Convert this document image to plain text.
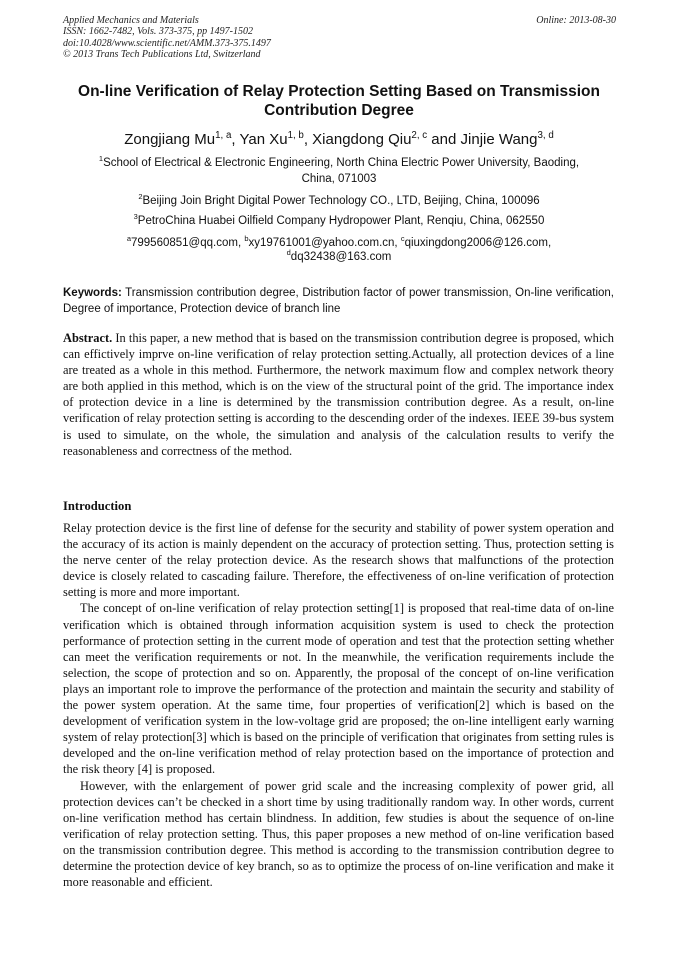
Applied Mechanics and Materials
ISSN: 1662-7482, Vols. 373-375, pp 1497-1502
doi:10.4028/www.scientific.net/AMM.373-375.1497
© 2013 Trans Tech Publications Ltd, Switzerland
Online: 2013-08-30
On-line Verification of Relay Protection Setting Based on Transmission
Contribution Degree
Zongjiang Mu$^{1, a}$, Yan Xu$^{1, b}$, Xiangdong Qiu$^{2, c}$ and Jinjie Wang$^{3, d}$
$^1$School of Electrical & Electronic Engineering, North China Electric Power University, Baoding,
China, 071003
$^2$Beijing Join Bright Digital Power Technology CO., LTD, Beijing, China, 100096
$^3$PetroChina Huabei Oilfield Company Hydropower Plant, Renqiu, China, 062550
$^a$799560851@qq.com, $^b$xy19761001@yahoo.com.cn, $^c$qiuxingdong2006@126.com,
$^d$dq32438@163.com
Keywords: Transmission contribution degree, Distribution factor of power transmission, On-line verification, Degree of importance, Protection device of branch line
Abstract. In this paper, a new method that is based on the transmission contribution degree is proposed, which can effictively imprve on-line verification of relay protection setting.Actually, all protection devices of a line are treated as a whole in this method. Furthermore, the network maximum flow and complex network theory are both applied in this method, which is on the view of the structural point of the grid. The importance index of protection device in a line is determined by the transmission contribution degree. As a result, on-line verification of relay protection setting is according to the descending order of the indexes. IEEE 39-bus system is used to simulate, on the whole, the simulation and analysis of the calculation results to verify the reasonableness and correctness of the method.
Introduction

Relay protection device is the first line of defense for the security and stability of power system operation and the accuracy of its action is mainly dependent on the accuracy of protection setting. Thus, protection setting is the nerve center of the relay protection device. As the research shows that malfunctions of the protection device is closely related to cascading failure. Therefore, the effectiveness of on-line verification of protection setting is more and more important.

The concept of on-line verification of relay protection setting[1] is proposed that real-time data of on-line verification which is obtained through information acquisition system is used to check the protection performance of protection setting in the current mode of operation and test that the protection setting whether can meet the verification requirements or not. In the meanwhile, the verification requirements include the selection, the scope of protection and so on. Apparently, the proposal of the concept of on-line verification plays an important role to improve the performance of the protection and maintain the security and stability of the power system operation. At the same time, four properties of verification[2] which is based on the development of verification system in the low-voltage grid are proposed; the on-line intelligent early warning system of relay protection[3] which is based on the principle of verification that originates from setting rules is developed and the on-line verification method of relay protection based on the importance of protection and the risk theory [4] is proposed.

However, with the enlargement of power grid scale and the increasing complexity of power grid, all protection devices can’t be checked in a short time by using traditionally random way. In other words, current on-line verification method has certain blindness. In addition, few studies is about the sequence of on-line verification of relay protection setting. Thus, this paper proposes a new method of on-line verification based on the transmission contribution degree. This method is according to the transmission contribution degree to determine the protection device of key branch, so as to optimize the process of on-line verification and make it more reasonable and efficient.
